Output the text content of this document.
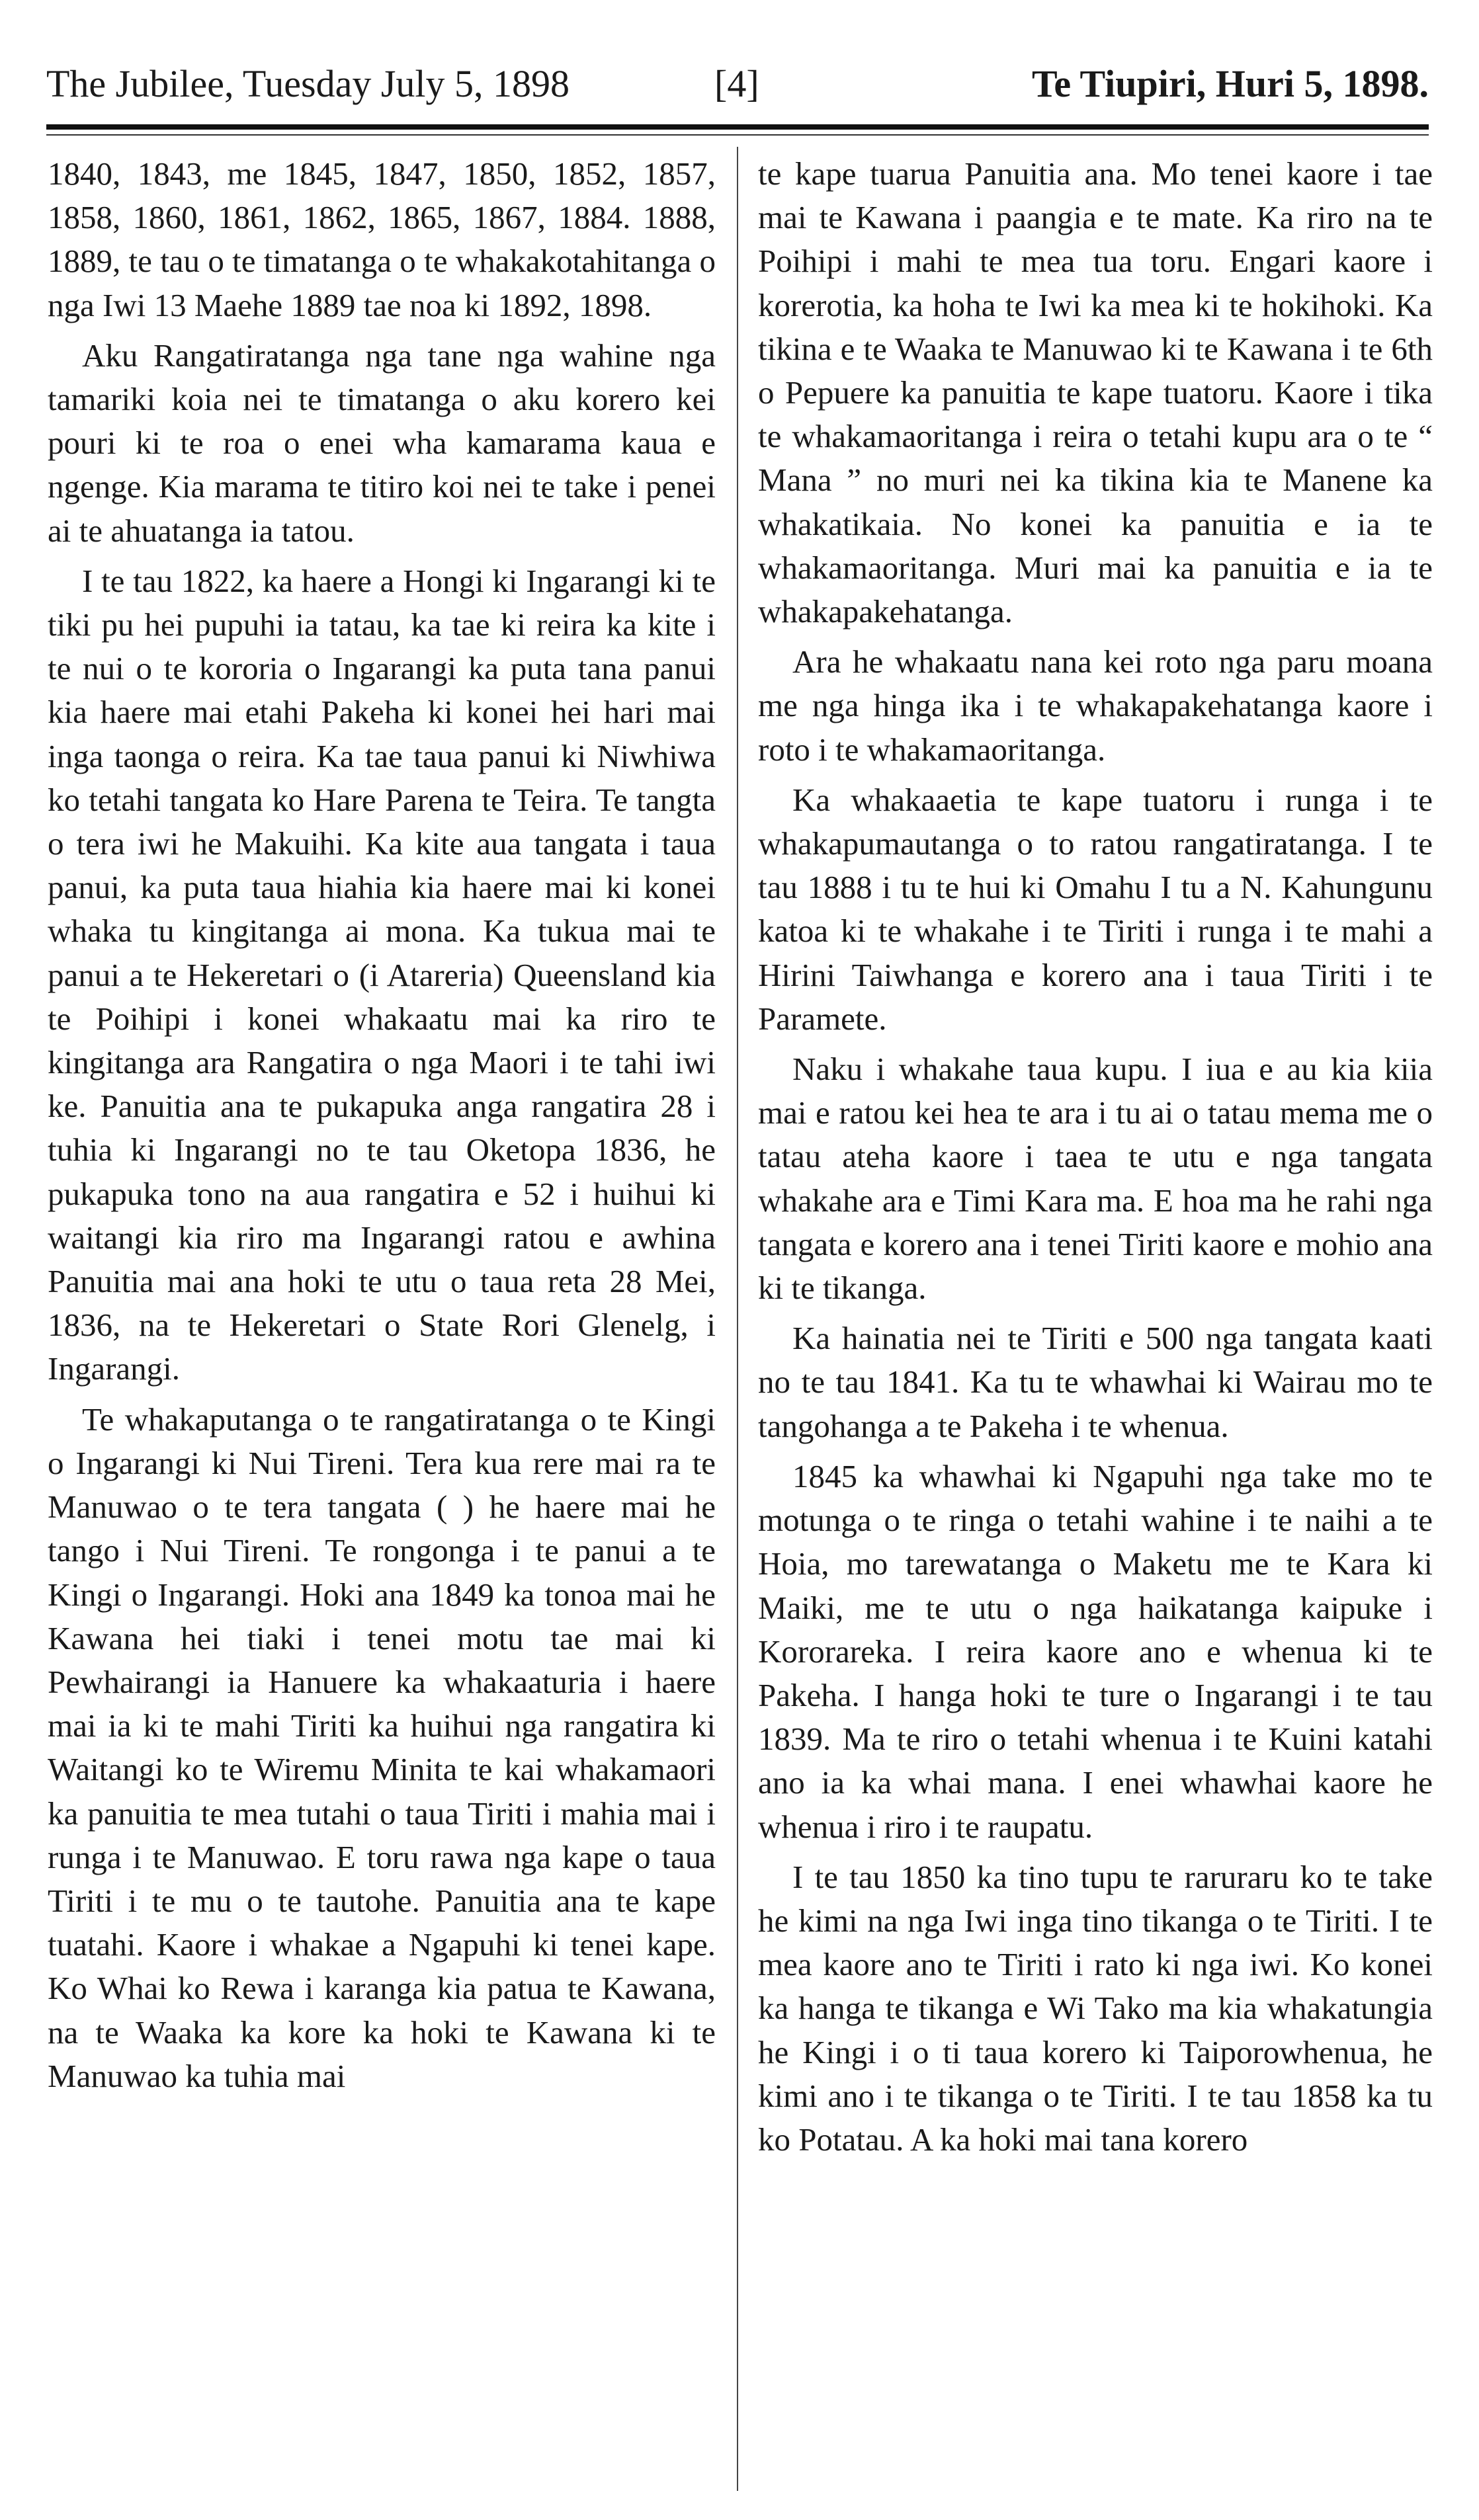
The Jubilee, Tuesday July 5, 1898	[4]	Te Tiupiri, Huri 5, 1898.

1840, 1843, me 1845, 1847, 1850, 1852, 1857, 1858, 1860, 1861, 1862, 1865, 1867, 1884. 1888, 1889, te tau o te timatanga o te whakakotahitanga o nga Iwi 13 Maehe 1889 tae noa ki 1892, 1898.

Aku Rangatiratanga nga tane nga wahine nga tamariki koia nei te timatanga o aku korero kei pouri ki te roa o enei wha kamarama kaua e ngenge. Kia marama te titiro koi nei te take i penei ai te ahuatanga ia tatou.

I te tau 1822, ka haere a Hongi ki Ingarangi ki te tiki pu hei pupuhi ia tatau, ka tae ki reira ka kite i te nui o te kororia o Ingarangi ka puta tana panui kia haere mai etahi Pakeha ki konei hei hari mai inga taonga o reira. Ka tae taua panui ki Niwhiwa ko tetahi tangata ko Hare Parena te Teira. Te tangta o tera iwi he Makuihi. Ka kite aua tangata i taua panui, ka puta taua hiahia kia haere mai ki konei whaka tu kingitanga ai mona. Ka tukua mai te panui a te Hekeretari o (i Atareria) Queensland kia te Poihipi i konei whakaatu mai ka riro te kingitanga ara Rangatira o nga Maori i te tahi iwi ke. Panuitia ana te pukapuka anga rangatira 28 i tuhia ki Ingarangi no te tau Oketopa 1836, he pukapuka tono na aua rangatira e 52 i huihui ki waitangi kia riro ma Ingarangi ratou e awhina Panuitia mai ana hoki te utu o taua reta 28 Mei, 1836, na te Hekeretari o State Rori Glenelg, i Ingarangi.

Te whakaputanga o te rangatiratanga o te Kingi o Ingarangi ki Nui Tireni. Tera kua rere mai ra te Manuwao o te tera tangata ( ) he haere mai he tango i Nui Tireni. Te rongonga i te panui a te Kingi o Ingarangi. Hoki ana 1849 ka tonoa mai he Kawana hei tiaki i tenei motu tae mai ki Pewhairangi ia Hanuere ka whakaaturia i haere mai ia ki te mahi Tiriti ka huihui nga rangatira ki Waitangi ko te Wiremu Minita te kai whakamaori ka panuitia te mea tutahi o taua Tiriti i mahia mai i runga i te Manuwao. E toru rawa nga kape o taua Tiriti i te mu o te tautohe. Panuitia ana te kape tuatahi. Kaore i whakae a Ngapuhi ki tenei kape. Ko Whai ko Rewa i karanga kia patua te Kawana, na te Waaka ka kore ka hoki te Kawana ki te Manuwao ka tuhia mai

te kape tuarua Panuitia ana. Mo tenei kaore i tae mai te Kawana i paangia e te mate. Ka riro na te Poihipi i mahi te mea tua toru. Engari kaore i korerotia, ka hoha te Iwi ka mea ki te hokihoki. Ka tikina e te Waaka te Manuwao ki te Kawana i te 6th o Pepuere ka panuitia te kape tuatoru. Kaore i tika te whakamaoritanga i reira o tetahi kupu ara o te “ Mana ” no muri nei ka tikina kia te Manene ka whakatikaia. No konei ka panuitia e ia te whakamaoritanga. Muri mai ka panuitia e ia te whakapakehatanga.

Ara he whakaatu nana kei roto nga paru moana me nga hinga ika i te whakapakehatanga kaore i roto i te whakamaoritanga.

Ka whakaaetia te kape tuatoru i runga i te whakapumautanga o to ratou rangatiratanga. I te tau 1888 i tu te hui ki Omahu I tu a N. Kahungunu katoa ki te whakahe i te Tiriti i runga i te mahi a Hirini Taiwhanga e korero ana i taua Tiriti i te Paramete.

Naku i whakahe taua kupu. I iua e au kia kiia mai e ratou kei hea te ara i tu ai o tatau mema me o tatau ateha kaore i taea te utu e nga tangata whakahe ara e Timi Kara ma. E hoa ma he rahi nga tangata e korero ana i tenei Tiriti kaore e mohio ana ki te tikanga.

Ka hainatia nei te Tiriti e 500 nga tangata kaati no te tau 1841. Ka tu te whawhai ki Wairau mo te tangohanga a te Pakeha i te whenua.

1845 ka whawhai ki Ngapuhi nga take mo te motunga o te ringa o tetahi wahine i te naihi a te Hoia, mo tarewatanga o Maketu me te Kara ki Maiki, me te utu o nga haikatanga kaipuke i Kororareka. I reira kaore ano e whenua ki te Pakeha. I hanga hoki te ture o Ingarangi i te tau 1839. Ma te riro o tetahi whenua i te Kuini katahi ano ia ka whai mana. I enei whawhai kaore he whenua i riro i te raupatu.

I te tau 1850 ka tino tupu te raruraru ko te take he kimi na nga Iwi inga tino tikanga o te Tiriti. I te mea kaore ano te Tiriti i rato ki nga iwi. Ko konei ka hanga te tikanga e Wi Tako ma kia whakatungia he Kingi i o ti taua korero ki Taiporowhenua, he kimi ano i te tikanga o te Tiriti. I te tau 1858 ka tu ko Potatau. A ka hoki mai tana korero
